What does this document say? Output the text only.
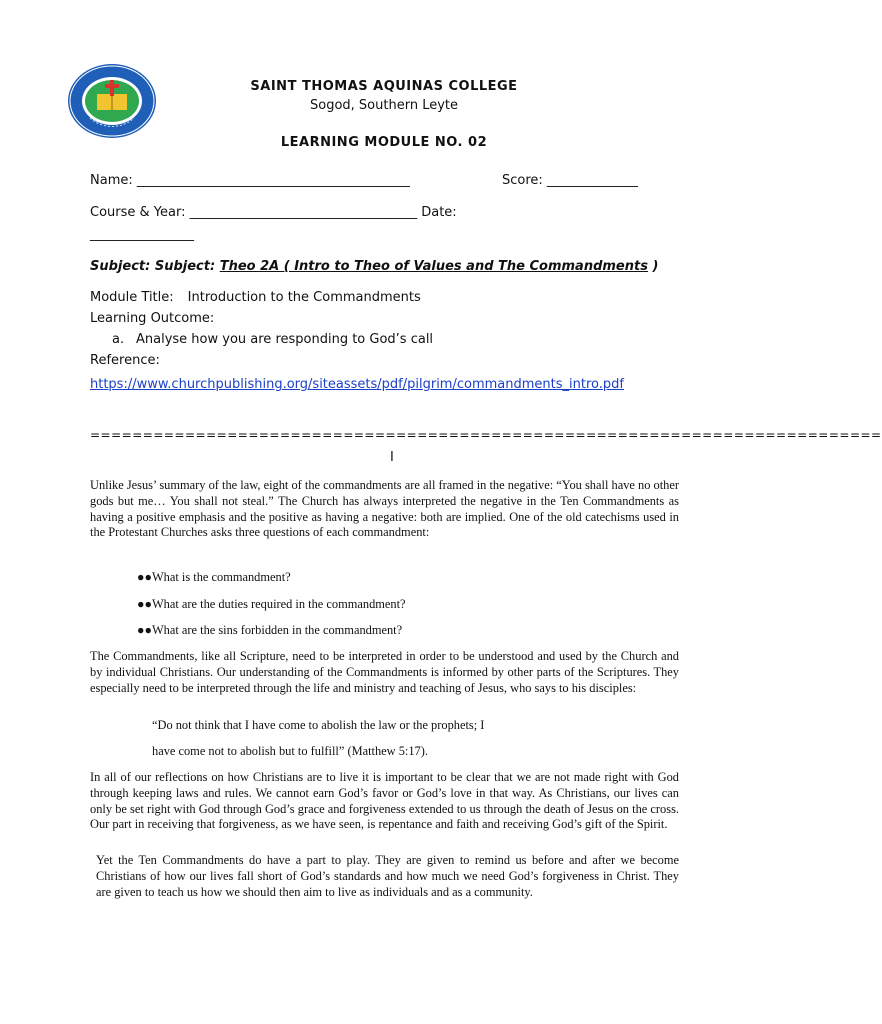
SAINT THOMAS AQUINAS COLLEGE
Sogod, Southern Leyte
LEARNING MODULE NO. 02
Name: __________________________________________	Score: ______________
Course & Year: ___________________________________ Date:
________________
Subject: Subject: Theo 2A ( Intro to Theo of Values and The Commandments )
Module Title: Introduction to the Commandments
Learning Outcome:
a. Analyse how you are responding to God’s call
Reference:
https://www.churchpublishing.org/siteassets/pdf/pilgrim/commandments_intro.pdf
===========================================================================
I

Unlike Jesus’ summary of the law, eight of the commandments are all framed in the negative: “You shall have no other gods but me… You shall not steal.” The Church has always interpreted the negative in the Ten Commandments as having a positive emphasis and the positive as having a negative: both are implied. One of the old catechisms used in the Protestant Churches asks three questions of each commandment:

●●What is the commandment?
●●What are the duties required in the commandment?
●●What are the sins forbidden in the commandment?

The Commandments, like all Scripture, need to be interpreted in order to be understood and used by the Church and by individual Christians. Our understanding of the Commandments is informed by other parts of the Scriptures. They especially need to be interpreted through the life and ministry and teaching of Jesus, who says to his disciples:

“Do not think that I have come to abolish the law or the prophets; I
have come not to abolish but to fulfill” (Matthew 5:17).

In all of our reflections on how Christians are to live it is important to be clear that we are not made right with God through keeping laws and rules. We cannot earn God’s favor or God’s love in that way. As Christians, our lives can only be set right with God through God’s grace and forgiveness extended to us through the death of Jesus on the cross. Our part in receiving that forgiveness, as we have seen, is repentance and faith and receiving God’s gift of the Spirit.

Yet the Ten Commandments do have a part to play. They are given to remind us before and after we become Christians of how our lives fall short of God’s standards and how much we need God’s forgiveness in Christ. They are given to teach us how we should then aim to live as individuals and as a community.
